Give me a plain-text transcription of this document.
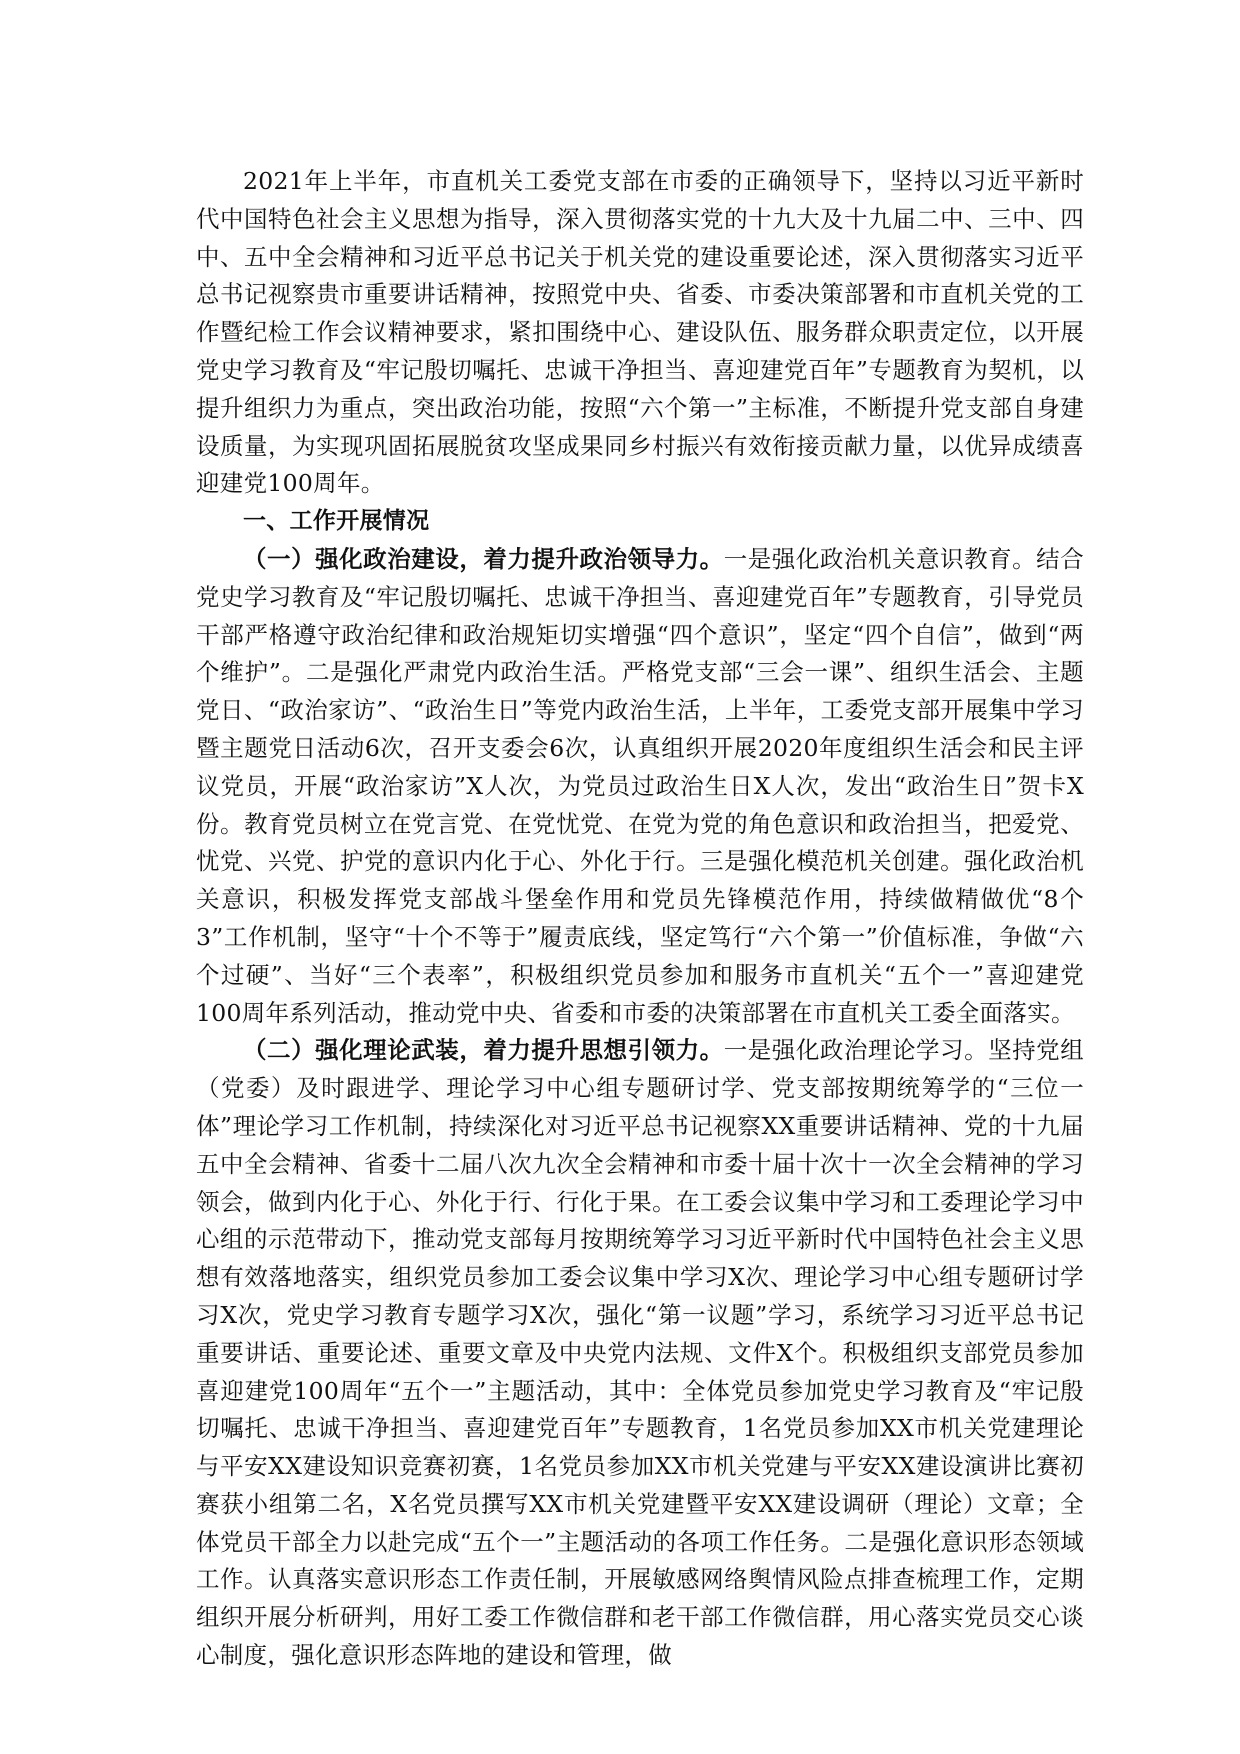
2021年上半年，市直机关工委党支部在市委的正确领导下，坚持以习近平新时代中国特色社会主义思想为指导，深入贯彻落实党的十九大及十九届二中、三中、四中、五中全会精神和习近平总书记关于机关党的建设重要论述，深入贯彻落实习近平总书记视察贵市重要讲话精神，按照党中央、省委、市委决策部署和市直机关党的工作暨纪检工作会议精神要求，紧扣围绕中心、建设队伍、服务群众职责定位，以开展党史学习教育及“牢记殷切嘱托、忠诚干净担当、喜迎建党百年”专题教育为契机，以提升组织力为重点，突出政治功能，按照“六个第一”主标准，不断提升党支部自身建设质量，为实现巩固拓展脱贫攻坚成果同乡村振兴有效衔接贡献力量，以优异成绩喜迎建党100周年。

一、工作开展情况

（一）强化政治建设，着力提升政治领导力。一是强化政治机关意识教育。结合党史学习教育及“牢记殷切嘱托、忠诚干净担当、喜迎建党百年”专题教育，引导党员干部严格遵守政治纪律和政治规矩切实增强“四个意识”，坚定“四个自信”，做到“两个维护”。二是强化严肃党内政治生活。严格党支部“三会一课”、组织生活会、主题党日、“政治家访”、“政治生日”等党内政治生活，上半年，工委党支部开展集中学习暨主题党日活动6次，召开支委会6次，认真组织开展2020年度组织生活会和民主评议党员，开展“政治家访”X人次，为党员过政治生日X人次，发出“政治生日”贺卡X份。教育党员树立在党言党、在党忧党、在党为党的角色意识和政治担当，把爱党、忧党、兴党、护党的意识内化于心、外化于行。三是强化模范机关创建。强化政治机关意识，积极发挥党支部战斗堡垒作用和党员先锋模范作用，持续做精做优“8个3”工作机制，坚守“十个不等于”履责底线，坚定笃行“六个第一”价值标准，争做“六个过硬”、当好“三个表率”，积极组织党员参加和服务市直机关“五个一”喜迎建党100周年系列活动，推动党中央、省委和市委的决策部署在市直机关工委全面落实。

（二）强化理论武装，着力提升思想引领力。一是强化政治理论学习。坚持党组（党委）及时跟进学、理论学习中心组专题研讨学、党支部按期统筹学的“三位一体”理论学习工作机制，持续深化对习近平总书记视察XX重要讲话精神、党的十九届五中全会精神、省委十二届八次九次全会精神和市委十届十次十一次全会精神的学习领会，做到内化于心、外化于行、行化于果。在工委会议集中学习和工委理论学习中心组的示范带动下，推动党支部每月按期统筹学习习近平新时代中国特色社会主义思想有效落地落实，组织党员参加工委会议集中学习X次、理论学习中心组专题研讨学习X次，党史学习教育专题学习X次，强化“第一议题”学习，系统学习习近平总书记重要讲话、重要论述、重要文章及中央党内法规、文件X个。积极组织支部党员参加喜迎建党100周年“五个一”主题活动，其中：全体党员参加党史学习教育及“牢记殷切嘱托、忠诚干净担当、喜迎建党百年”专题教育，1名党员参加XX市机关党建理论与平安XX建设知识竞赛初赛，1名党员参加XX市机关党建与平安XX建设演讲比赛初赛获小组第二名，X名党员撰写XX市机关党建暨平安XX建设调研（理论）文章；全体党员干部全力以赴完成“五个一”主题活动的各项工作任务。二是强化意识形态领域工作。认真落实意识形态工作责任制，开展敏感网络舆情风险点排查梳理工作，定期组织开展分析研判，用好工委工作微信群和老干部工作微信群，用心落实党员交心谈心制度，强化意识形态阵地的建设和管理，做
